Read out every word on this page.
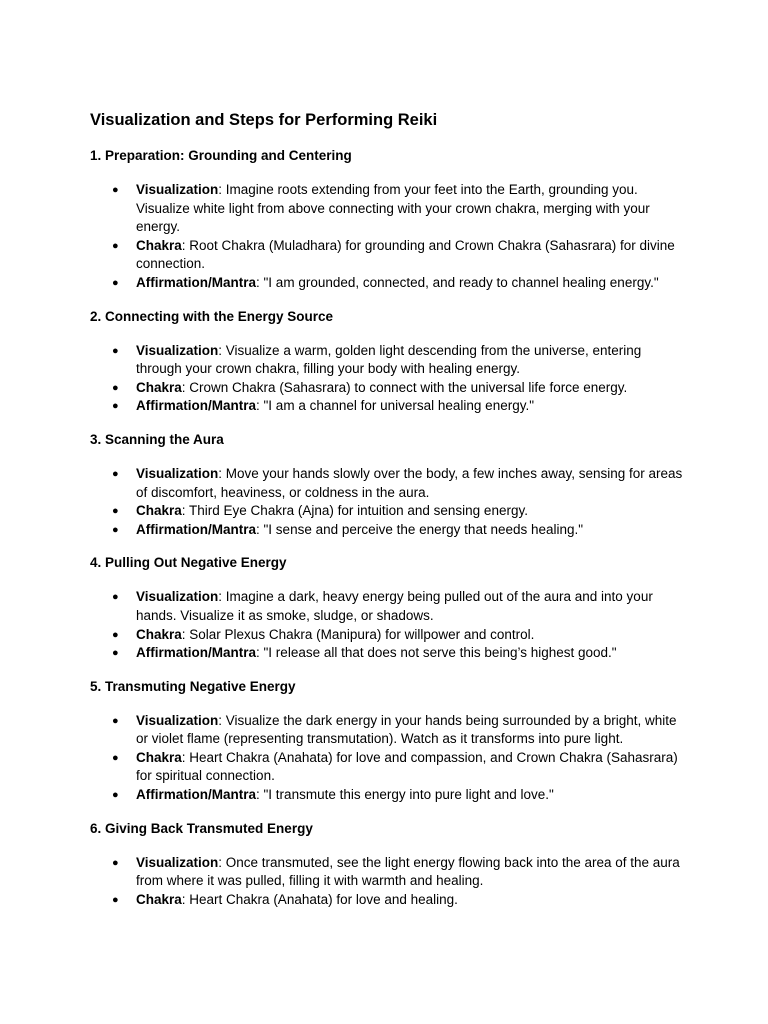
Visualization and Steps for Performing Reiki
1. Preparation: Grounding and Centering
● Visualization: Imagine roots extending from your feet into the Earth, grounding you. Visualize white light from above connecting with your crown chakra, merging with your energy.
● Chakra: Root Chakra (Muladhara) for grounding and Crown Chakra (Sahasrara) for divine connection.
● Affirmation/Mantra: "I am grounded, connected, and ready to channel healing energy."
2. Connecting with the Energy Source
● Visualization: Visualize a warm, golden light descending from the universe, entering through your crown chakra, filling your body with healing energy.
● Chakra: Crown Chakra (Sahasrara) to connect with the universal life force energy.
● Affirmation/Mantra: "I am a channel for universal healing energy."
3. Scanning the Aura
● Visualization: Move your hands slowly over the body, a few inches away, sensing for areas of discomfort, heaviness, or coldness in the aura.
● Chakra: Third Eye Chakra (Ajna) for intuition and sensing energy.
● Affirmation/Mantra: "I sense and perceive the energy that needs healing."
4. Pulling Out Negative Energy
● Visualization: Imagine a dark, heavy energy being pulled out of the aura and into your hands. Visualize it as smoke, sludge, or shadows.
● Chakra: Solar Plexus Chakra (Manipura) for willpower and control.
● Affirmation/Mantra: "I release all that does not serve this being’s highest good."
5. Transmuting Negative Energy
● Visualization: Visualize the dark energy in your hands being surrounded by a bright, white or violet flame (representing transmutation). Watch as it transforms into pure light.
● Chakra: Heart Chakra (Anahata) for love and compassion, and Crown Chakra (Sahasrara) for spiritual connection.
● Affirmation/Mantra: "I transmute this energy into pure light and love."
6. Giving Back Transmuted Energy
● Visualization: Once transmuted, see the light energy flowing back into the area of the aura from where it was pulled, filling it with warmth and healing.
● Chakra: Heart Chakra (Anahata) for love and healing.
